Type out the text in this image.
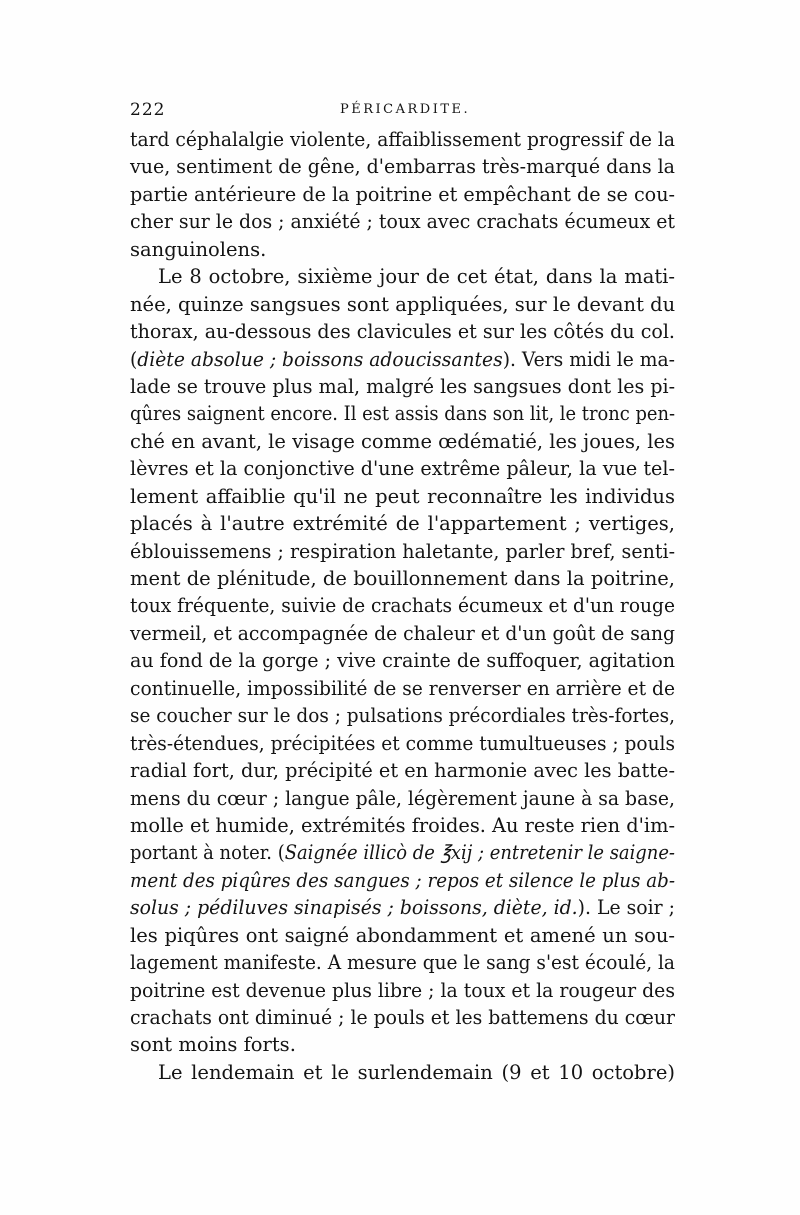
222	PÉRICARDITE.
tard céphalalgie violente, affaiblissement progressif de la
vue, sentiment de gêne, d'embarras très-marqué dans la
partie antérieure de la poitrine et empêchant de se cou-
cher sur le dos ; anxiété ; toux avec crachats écumeux et
sanguinolens.
Le 8 octobre, sixième jour de cet état, dans la mati-
née, quinze sangsues sont appliquées, sur le devant du
thorax, au-dessous des clavicules et sur les côtés du col.
(diète absolue ; boissons adoucissantes). Vers midi le ma-
lade se trouve plus mal, malgré les sangsues dont les pi-
qûres saignent encore. Il est assis dans son lit, le tronc pen-
ché en avant, le visage comme œdématié, les joues, les
lèvres et la conjonctive d'une extrême pâleur, la vue tel-
lement affaiblie qu'il ne peut reconnaître les individus
placés à l'autre extrémité de l'appartement ; vertiges,
éblouissemens ; respiration haletante, parler bref, senti-
ment de plénitude, de bouillonnement dans la poitrine,
toux fréquente, suivie de crachats écumeux et d'un rouge
vermeil, et accompagnée de chaleur et d'un goût de sang
au fond de la gorge ; vive crainte de suffoquer, agitation
continuelle, impossibilité de se renverser en arrière et de
se coucher sur le dos ; pulsations précordiales très-fortes,
très-étendues, précipitées et comme tumultueuses ; pouls
radial fort, dur, précipité et en harmonie avec les batte-
mens du cœur ; langue pâle, légèrement jaune à sa base,
molle et humide, extrémités froides. Au reste rien d'im-
portant à noter. (Saignée illicò de ℥xij ; entretenir le saigne-
ment des piqûres des sangues ; repos et silence le plus ab-
solus ; pédiluves sinapisés ; boissons, diète, id.). Le soir ;
les piqûres ont saigné abondamment et amené un sou-
lagement manifeste. A mesure que le sang s'est écoulé, la
poitrine est devenue plus libre ; la toux et la rougeur des
crachats ont diminué ; le pouls et les battemens du cœur
sont moins forts.
Le lendemain et le surlendemain (9 et 10 octobre)
